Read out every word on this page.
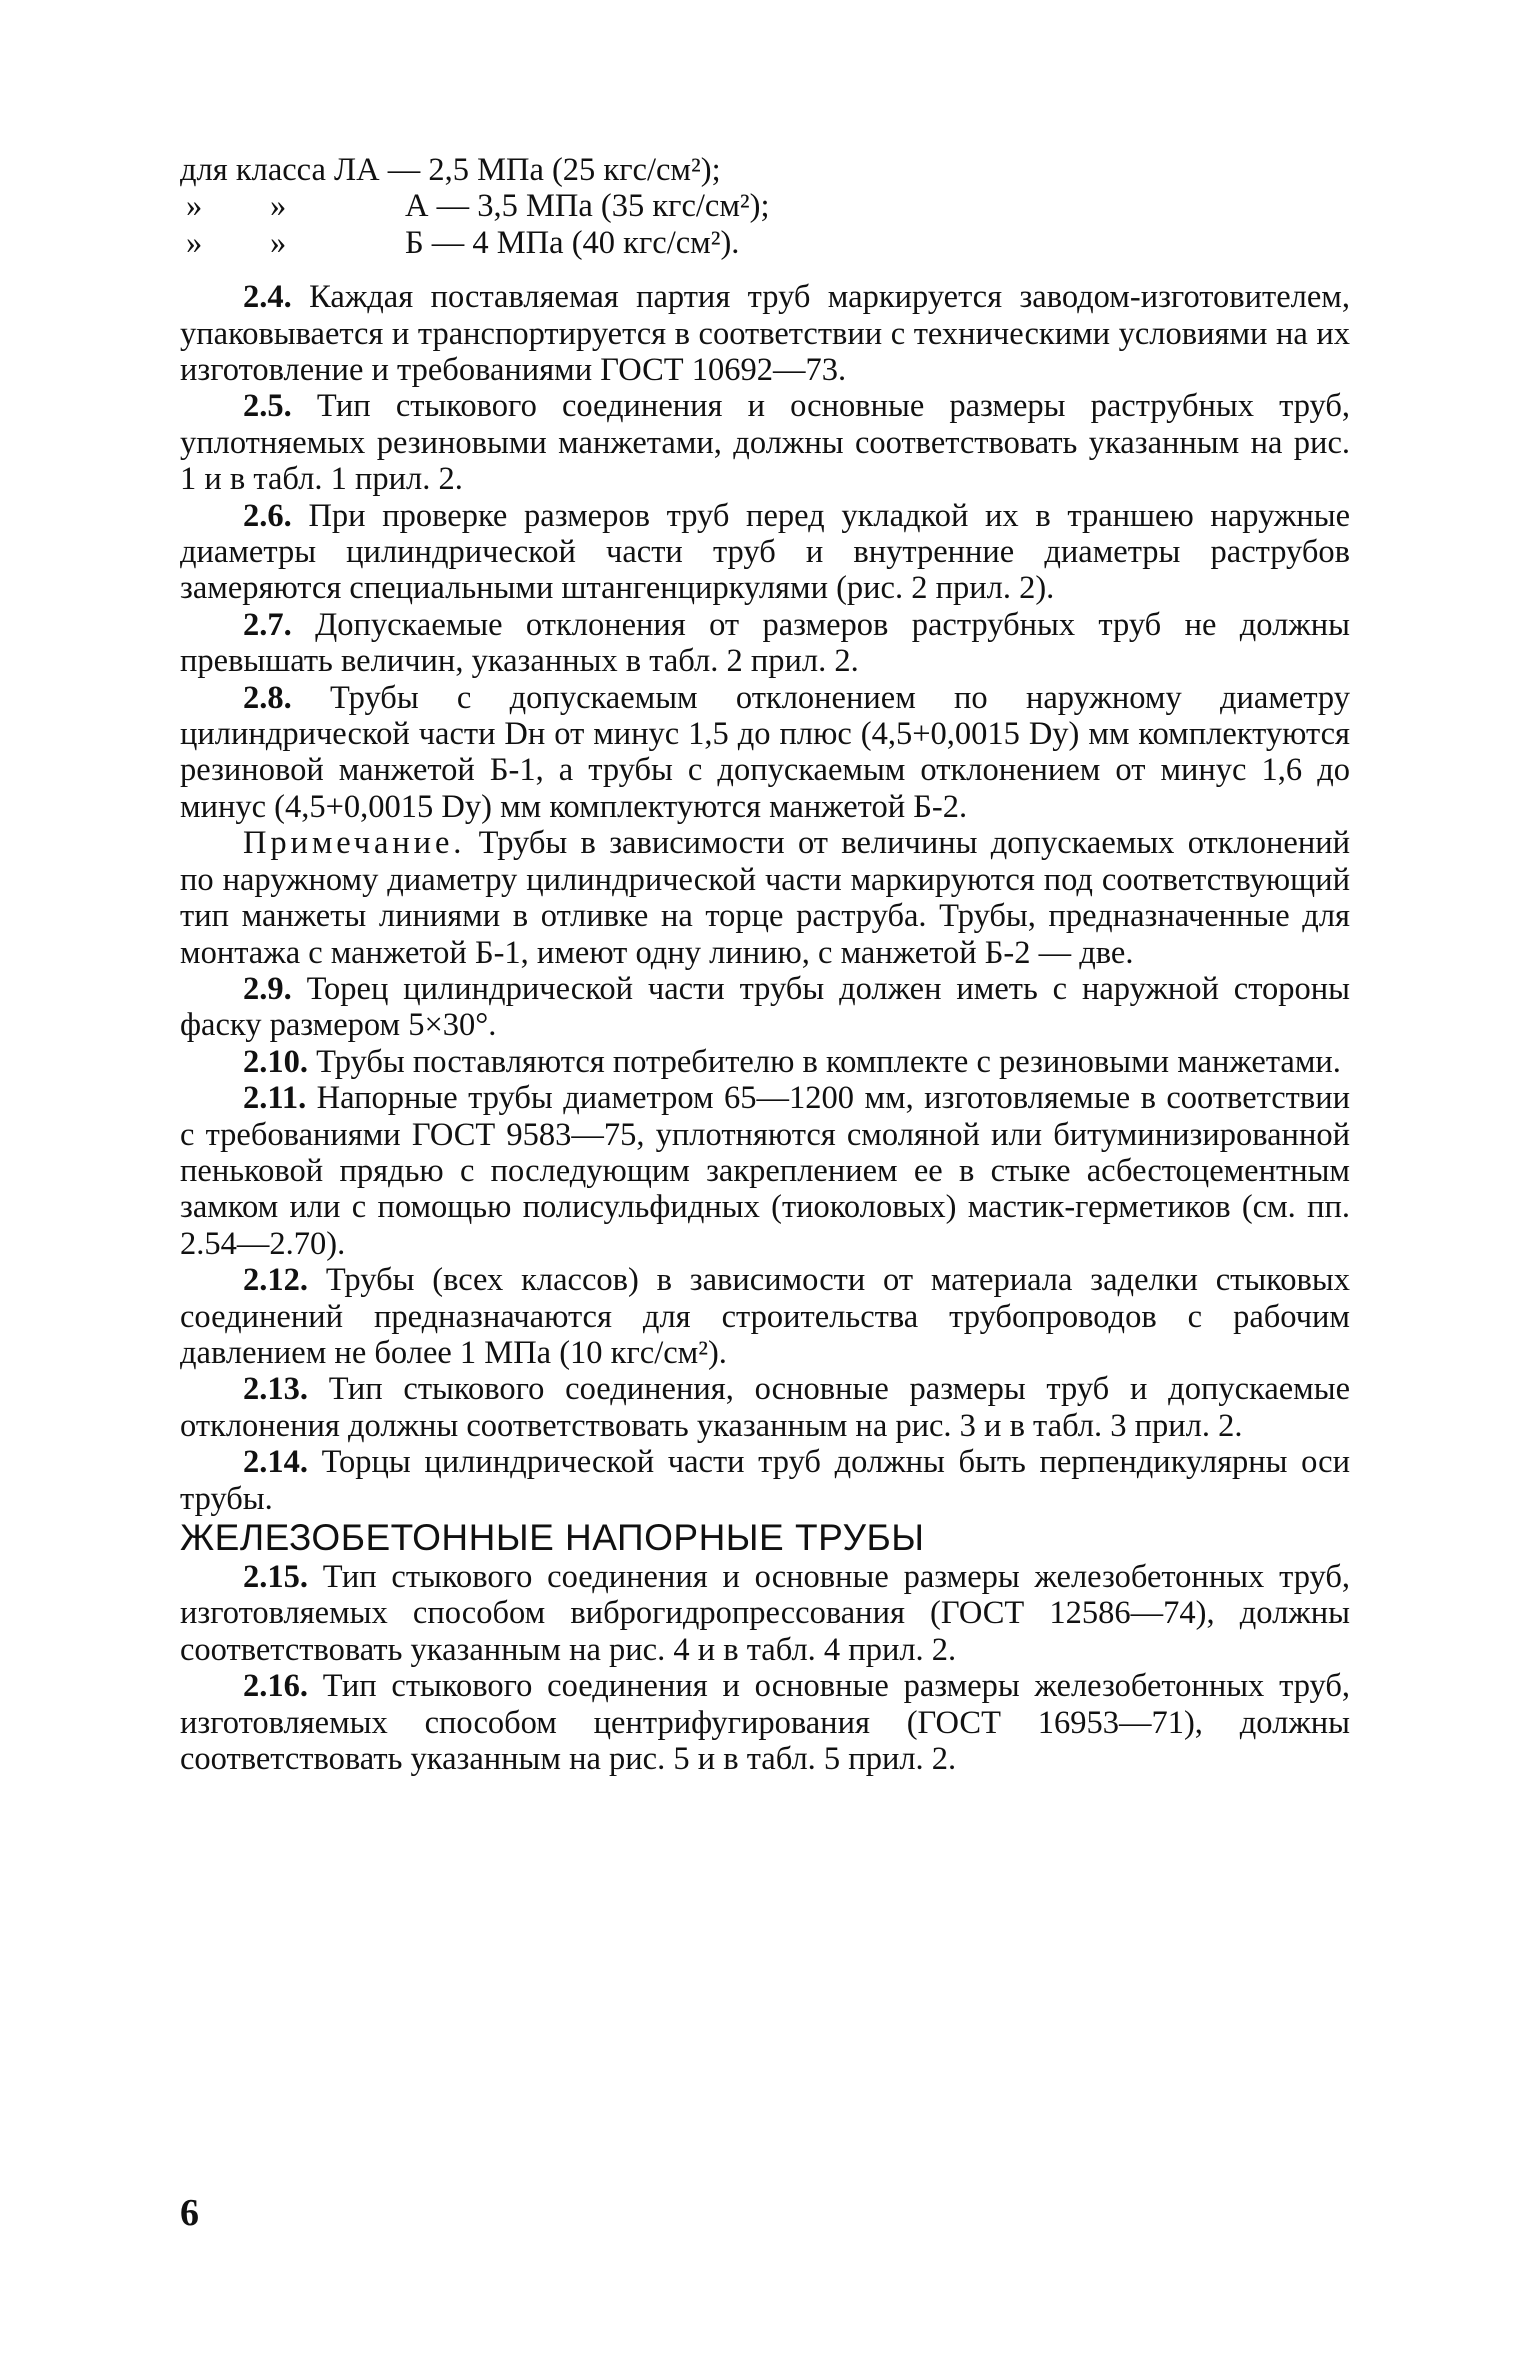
для класса ЛА — 2,5 МПа (25 кгс/см²);

» »	А — 3,5 МПа (35 кгс/см²);
» »	Б — 4 МПа (40 кгс/см²).

2.4. Каждая поставляемая партия труб маркируется заводом-изготовителем, упаковывается и транспортируется в соответствии с техническими условиями на их изготовление и требованиями ГОСТ 10692—73.

2.5. Тип стыкового соединения и основные размеры раструбных труб, уплотняемых резиновыми манжетами, должны соответствовать указанным на рис. 1 и в табл. 1 прил. 2.

2.6. При проверке размеров труб перед укладкой их в траншею наружные диаметры цилиндрической части труб и внутренние диаметры раструбов замеряются специальными штангенциркулями (рис. 2 прил. 2).

2.7. Допускаемые отклонения от размеров раструбных труб не должны превышать величин, указанных в табл. 2 прил. 2.

2.8. Трубы с допускаемым отклонением по наружному диаметру цилиндрической части Dн от минус 1,5 до плюс (4,5+0,0015 Dy) мм комплектуются резиновой манжетой Б-1, а трубы с допускаемым отклонением от минус 1,6 до минус (4,5+0,0015 Dy) мм комплектуются манжетой Б-2.

Примечание. Трубы в зависимости от величины допускаемых отклонений по наружному диаметру цилиндрической части маркируются под соответствующий тип манжеты линиями в отливке на торце раструба. Трубы, предназначенные для монтажа с манжетой Б-1, имеют одну линию, с манжетой Б-2 — две.

2.9. Торец цилиндрической части трубы должен иметь с наружной стороны фаску размером 5×30°.

2.10. Трубы поставляются потребителю в комплекте с резиновыми манжетами.

2.11. Напорные трубы диаметром 65—1200 мм, изготовляемые в соответствии с требованиями ГОСТ 9583—75, уплотняются смоляной или битуминизированной пеньковой прядью с последующим закреплением ее в стыке асбестоцементным замком или с помощью полисульфидных (тиоколовых) мастик-герметиков (см. пп. 2.54—2.70).

2.12. Трубы (всех классов) в зависимости от материала заделки стыковых соединений предназначаются для строительства трубопроводов с рабочим давлением не более 1 МПа (10 кгс/см²).

2.13. Тип стыкового соединения, основные размеры труб и допускаемые отклонения должны соответствовать указанным на рис. 3 и в табл. 3 прил. 2.

2.14. Торцы цилиндрической части труб должны быть перпендикулярны оси трубы.

ЖЕЛЕЗОБЕТОННЫЕ НАПОРНЫЕ ТРУБЫ

2.15. Тип стыкового соединения и основные размеры железобетонных труб, изготовляемых способом виброгидропрессования (ГОСТ 12586—74), должны соответствовать указанным на рис. 4 и в табл. 4 прил. 2.

2.16. Тип стыкового соединения и основные размеры железобетонных труб, изготовляемых способом центрифугирования (ГОСТ 16953—71), должны соответствовать указанным на рис. 5 и в табл. 5 прил. 2.

6
